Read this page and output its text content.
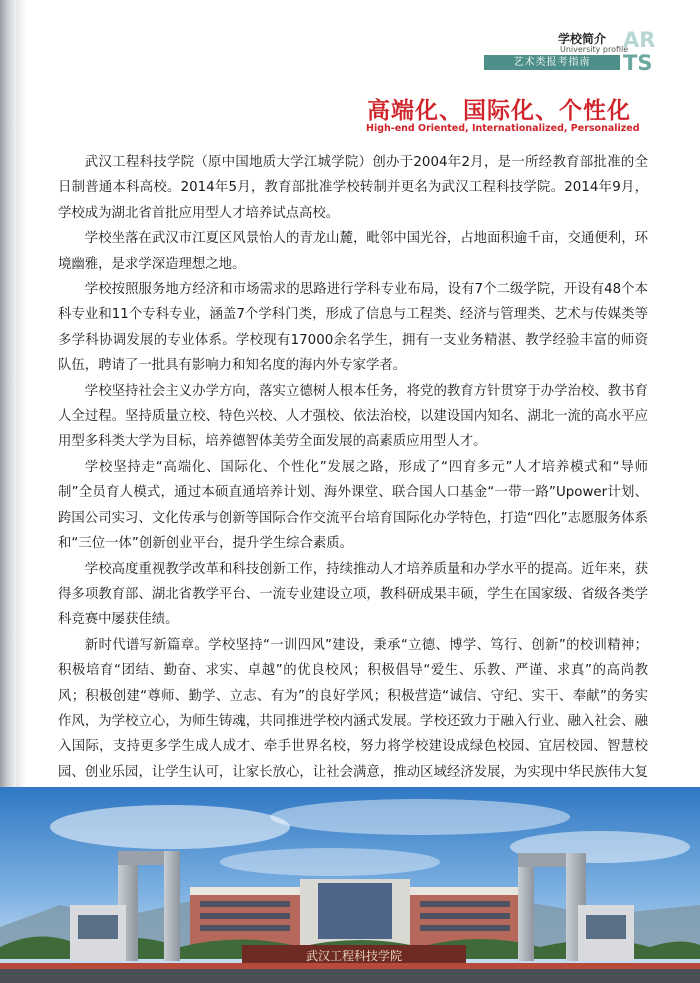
学校简介
University profile
艺术类报考指南
AR
TS
高端化、国际化、个性化
High-end Oriented, Internationalized, Personalized

武汉工程科技学院（原中国地质大学江城学院）创办于2004年2月，是一所经教育部批准的全日制普通本科高校。2014年5月，教育部批准学校转制并更名为武汉工程科技学院。2014年9月，学校成为湖北省首批应用型人才培养试点高校。

学校坐落在武汉市江夏区风景怡人的青龙山麓，毗邻中国光谷，占地面积逾千亩，交通便利，环境幽雅，是求学深造理想之地。

学校按照服务地方经济和市场需求的思路进行学科专业布局，设有7个二级学院，开设有48个本科专业和11个专科专业，涵盖7个学科门类，形成了信息与工程类、经济与管理类、艺术与传媒类等多学科协调发展的专业体系。学校现有17000余名学生，拥有一支业务精湛、教学经验丰富的师资队伍，聘请了一批具有影响力和知名度的海内外专家学者。

学校坚持社会主义办学方向，落实立德树人根本任务，将党的教育方针贯穿于办学治校、教书育人全过程。坚持质量立校、特色兴校、人才强校、依法治校，以建设国内知名、湖北一流的高水平应用型多科类大学为目标，培养德智体美劳全面发展的高素质应用型人才。

学校坚持走“高端化、国际化、个性化”发展之路，形成了“四育多元”人才培养模式和“导师制”全员育人模式，通过本硕直通培养计划、海外课堂、联合国人口基金“一带一路”Upower计划、跨国公司实习、文化传承与创新等国际合作交流平台培育国际化办学特色，打造“四化”志愿服务体系和“三位一体”创新创业平台，提升学生综合素质。

学校高度重视教学改革和科技创新工作，持续推动人才培养质量和办学水平的提高。近年来，获得多项教育部、湖北省教学平台、一流专业建设立项，教科研成果丰硕，学生在国家级、省级各类学科竞赛中屡获佳绩。

新时代谱写新篇章。学校坚持“一训四风”建设，秉承“立德、博学、笃行、创新”的校训精神；积极培育“团结、勤奋、求实、卓越”的优良校风；积极倡导“爱生、乐教、严谨、求真”的高尚教风；积极创建“尊师、勤学、立志、有为”的良好学风；积极营造“诚信、守纪、实干、奉献”的务实作风，为学校立心，为师生铸魂，共同推进学校内涵式发展。学校还致力于融入行业、融入社会、融入国际，支持更多学生成人成才、牵手世界名校，努力将学校建设成绿色校园、宜居校园、智慧校园、创业乐园，让学生认可，让家长放心，让社会满意，推动区域经济发展，为实现中华民族伟大复

武汉工程科技学院
